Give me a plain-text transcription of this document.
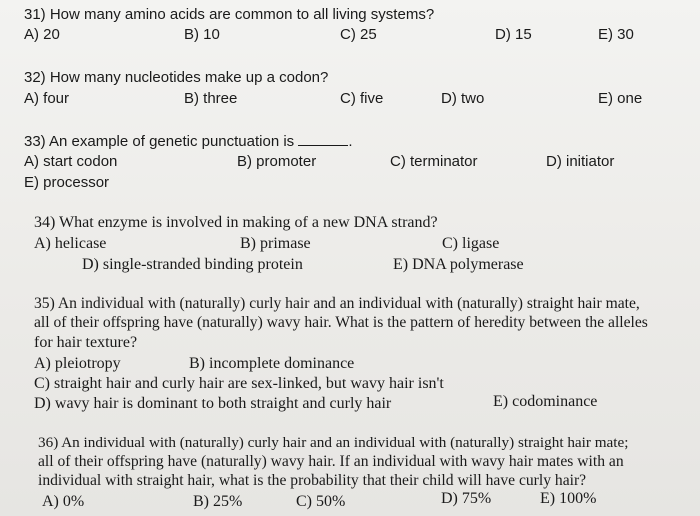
31) How many amino acids are common to all living systems?
A) 20	B) 10	C) 25	D) 15	E) 30
32) How many nucleotides make up a codon?
A) four	B) three	C) five	D) two	E) one
33) An example of genetic punctuation is	.
A) start codon	B) promoter	C) terminator	D) initiator
E) processor
34) What enzyme is involved in making of a new DNA strand?
A) helicase	B) primase	C) ligase
D) single-stranded binding protein	E) DNA polymerase
35) An individual with (naturally) curly hair and an individual with (naturally) straight hair mate,
all of their offspring have (naturally) wavy hair. What is the pattern of heredity between the alleles
for hair texture?
A) pleiotropy	B) incomplete dominance
C) straight hair and curly hair are sex-linked, but wavy hair isn't
D) wavy hair is dominant to both straight and curly hair	E) codominance
36) An individual with (naturally) curly hair and an individual with (naturally) straight hair mate;
all of their offspring have (naturally) wavy hair. If an individual with wavy hair mates with an
individual with straight hair, what is the probability that their child will have curly hair?
A) 0%	B) 25%	C) 50%	D) 75%	E) 100%
